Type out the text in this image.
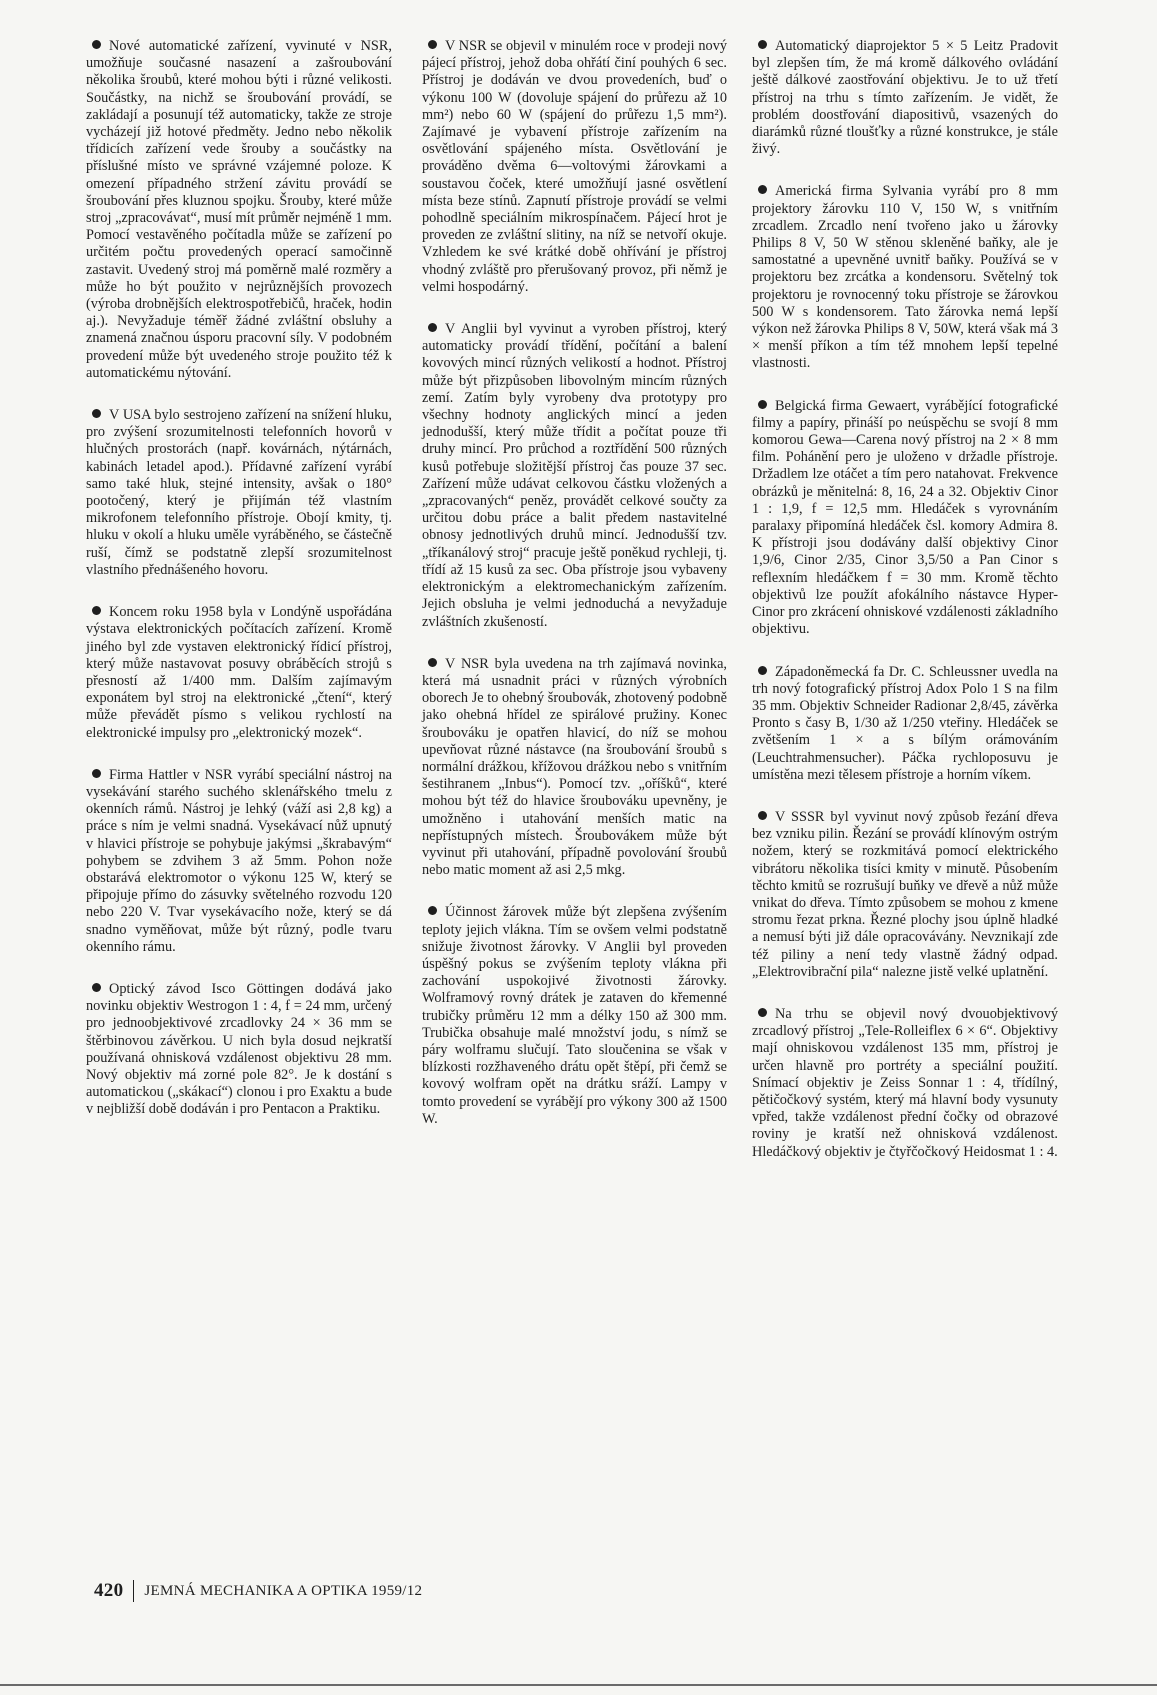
Nové automatické zařízení, vyvinuté v NSR, umožňuje současné nasazení a zašroubování několika šroubů, které mohou býti i různé velikosti. Součástky, na nichž se šroubování provádí, se zakládají a posunují též automaticky, takže ze stroje vycházejí již hotové předměty. Jedno nebo několik třídicích zařízení vede šrouby a součástky na příslušné místo ve správné vzájemné poloze. K omezení případného stržení závitu provádí se šroubování přes kluznou spojku. Šrouby, které může stroj „zpracovávat“, musí mít průměr nejméně 1 mm. Pomocí vestavěného počítadla může se zařízení po určitém počtu provedených operací samočinně zastavit. Uvedený stroj má poměrně malé rozměry a může ho být použito v nejrůznějších provozech (výroba drobnějších elektrospotřebičů, hraček, hodin aj.). Nevyžaduje téměř žádné zvláštní obsluhy a znamená značnou úsporu pracovní síly. V podobném provedení může být uvedeného stroje použito též k automatickému nýtování.

V USA bylo sestrojeno zařízení na snížení hluku, pro zvýšení srozumitelnosti telefonních hovorů v hlučných prostorách (např. kovárnách, nýtárnách, kabinách letadel apod.). Přídavné zařízení vyrábí samo také hluk, stejné intensity, avšak o 180° pootočený, který je přijímán též vlastním mikrofonem telefonního přístroje. Obojí kmity, tj. hluku v okolí a hluku uměle vyráběného, se částečně ruší, čímž se podstatně zlepší srozumitelnost vlastního přednášeného hovoru.

Koncem roku 1958 byla v Londýně uspořádána výstava elektronických počítacích zařízení. Kromě jiného byl zde vystaven elektronický řídicí přístroj, který může nastavovat posuvy obráběcích strojů s přesností až 1/400 mm. Dalším zajímavým exponátem byl stroj na elektronické „čtení“, který může převádět písmo s velikou rychlostí na elektronické impulsy pro „elektronický mozek“.

Firma Hattler v NSR vyrábí speciální nástroj na vysekávání starého suchého sklenářského tmelu z okenních rámů. Nástroj je lehký (váží asi 2,8 kg) a práce s ním je velmi snadná. Vysekávací nůž upnutý v hlavici přístroje se pohybuje jakýmsi „škrabavým“ pohybem se zdvihem 3 až 5mm. Pohon nože obstarává elektromotor o výkonu 125 W, který se připojuje přímo do zásuvky světelného rozvodu 120 nebo 220 V. Tvar vysekávacího nože, který se dá snadno vyměňovat, může být různý, podle tvaru okenního rámu.

Optický závod Isco Göttingen dodává jako novinku objektiv Westrogon 1 : 4, f = 24 mm, určený pro jednoobjektivové zrcadlovky 24 × 36 mm se štěrbinovou závěrkou. U nich byla dosud nejkratší používaná ohnisková vzdálenost objektivu 28 mm. Nový objektiv má zorné pole 82°. Je k dostání s automatickou („skákací“) clonou i pro Exaktu a bude v nejbližší době dodáván i pro Pentacon a Praktiku.

V NSR se objevil v minulém roce v prodeji nový pájecí přístroj, jehož doba ohřátí činí pouhých 6 sec. Přístroj je dodáván ve dvou provedeních, buď o výkonu 100 W (dovoluje spájení do průřezu až 10 mm²) nebo 60 W (spájení do průřezu 1,5 mm²). Zajímavé je vybavení přístroje zařízením na osvětlování spájeného místa. Osvětlování je prováděno dvěma 6—voltovými žárovkami a soustavou čoček, které umožňují jasné osvětlení místa beze stínů. Zapnutí přístroje provádí se velmi pohodlně speciálním mikrospínačem. Pájecí hrot je proveden ze zvláštní slitiny, na níž se netvoří okuje. Vzhledem ke své krátké době ohřívání je přístroj vhodný zvláště pro přerušovaný provoz, při němž je velmi hospodárný.

V Anglii byl vyvinut a vyroben přístroj, který automaticky provádí třídění, počítání a balení kovových mincí různých velikostí a hodnot. Přístroj může být přizpůsoben libovolným mincím různých zemí. Zatím byly vyrobeny dva prototypy pro všechny hodnoty anglických mincí a jeden jednodušší, který může třídit a počítat pouze tři druhy mincí. Pro průchod a roztřídění 500 různých kusů potřebuje složitější přístroj čas pouze 37 sec. Zařízení může udávat celkovou částku vložených a „zpracovaných“ peněz, provádět celkové součty za určitou dobu práce a balit předem nastavitelné obnosy jednotlivých druhů mincí. Jednodušší tzv. „tříkanálový stroj“ pracuje ještě poněkud rychleji, tj. třídí až 15 kusů za sec. Oba přístroje jsou vybaveny elektronickým a elektromechanickým zařízením. Jejich obsluha je velmi jednoduchá a nevyžaduje zvláštních zkušeností.

V NSR byla uvedena na trh zajímavá novinka, která má usnadnit práci v různých výrobních oborech Je to ohebný šroubovák, zhotovený podobně jako ohebná hřídel ze spirálové pružiny. Konec šroubováku je opatřen hlavicí, do níž se mohou upevňovat různé nástavce (na šroubování šroubů s normální drážkou, křížovou drážkou nebo s vnitřním šestihranem „Inbus“). Pomocí tzv. „oříšků“, které mohou být též do hlavice šroubováku upevněny, je umožněno i utahování menších matic na nepřístupných místech. Šroubovákem může být vyvinut při utahování, případně povolování šroubů nebo matic moment až asi 2,5 mkg.

Účinnost žárovek může být zlepšena zvýšením teploty jejich vlákna. Tím se ovšem velmi podstatně snižuje životnost žárovky. V Anglii byl proveden úspěšný pokus se zvýšením teploty vlákna při zachování uspokojivé životnosti žárovky. Wolframový rovný drátek je zataven do křemenné trubičky průměru 12 mm a délky 150 až 300 mm. Trubička obsahuje malé množství jodu, s nímž se páry wolframu slučují. Tato sloučenina se však v blízkosti rozžhaveného drátu opět štěpí, při čemž se kovový wolfram opět na drátku sráží. Lampy v tomto provedení se vyrábějí pro výkony 300 až 1500 W.

Automatický diaprojektor 5 × 5 Leitz Pradovit byl zlepšen tím, že má kromě dálkového ovládání ještě dálkové zaostřování objektivu. Je to už třetí přístroj na trhu s tímto zařízením. Je vidět, že problém doostřování diapositivů, vsazených do diarámků různé tloušťky a různé konstrukce, je stále živý.

Americká firma Sylvania vyrábí pro 8 mm projektory žárovku 110 V, 150 W, s vnitřním zrcadlem. Zrcadlo není tvořeno jako u žárovky Philips 8 V, 50 W stěnou skleněné baňky, ale je samostatné a upevněné uvnitř baňky. Používá se v projektoru bez zrcátka a kondensoru. Světelný tok projektoru je rovnocenný toku přístroje se žárovkou 500 W s kondensorem. Tato žárovka nemá lepší výkon než žárovka Philips 8 V, 50W, která však má 3 × menší příkon a tím též mnohem lepší tepelné vlastnosti.

Belgická firma Gewaert, vyrábějící fotografické filmy a papíry, přináší po neúspěchu se svojí 8 mm komorou Gewa—Carena nový přístroj na 2 × 8 mm film. Pohánění pero je uloženo v držadle přístroje. Držadlem lze otáčet a tím pero natahovat. Frekvence obrázků je měnitelná: 8, 16, 24 a 32. Objektiv Cinor 1 : 1,9, f = 12,5 mm. Hledáček s vyrovnáním paralaxy připomíná hledáček čsl. komory Admira 8. K přístroji jsou dodávány další objektivy Cinor 1,9/6, Cinor 2/35, Cinor 3,5/50 a Pan Cinor s reflexním hledáčkem f = 30 mm. Kromě těchto objektivů lze použít afokálního nástavce Hyper-Cinor pro zkrácení ohniskové vzdálenosti základního objektivu.

Západoněmecká fa Dr. C. Schleussner uvedla na trh nový fotografický přístroj Adox Polo 1 S na film 35 mm. Objektiv Schneider Radionar 2,8/45, závěrka Pronto s časy B, 1/30 až 1/250 vteřiny. Hledáček se zvětšením 1 × a s bílým orámováním (Leuchtrahmensucher). Páčka rychloposuvu je umístěna mezi tělesem přístroje a horním víkem.

V SSSR byl vyvinut nový způsob řezání dřeva bez vzniku pilin. Řezání se provádí klínovým ostrým nožem, který se rozkmitává pomocí elektrického vibrátoru několika tisíci kmity v minutě. Působením těchto kmitů se rozrušují buňky ve dřevě a nůž může vnikat do dřeva. Tímto způsobem se mohou z kmene stromu řezat prkna. Řezné plochy jsou úplně hladké a nemusí býti již dále opracovávány. Nevznikají zde též piliny a není tedy vlastně žádný odpad. „Elektrovibrační pila“ nalezne jistě velké uplatnění.

Na trhu se objevil nový dvouobjektivový zrcadlový přístroj „Tele-Rolleiflex 6 × 6“. Objektivy mají ohniskovou vzdálenost 135 mm, přístroj je určen hlavně pro portréty a speciální použití. Snímací objektiv je Zeiss Sonnar 1 : 4, třídílný, pětičočkový systém, který má hlavní body vysunuty vpřed, takže vzdálenost přední čočky od obrazové roviny je kratší než ohnisková vzdálenost. Hledáčkový objektiv je čtyřčočkový Heidosmat 1 : 4.

420 JEMNÁ MECHANIKA A OPTIKA 1959/12
